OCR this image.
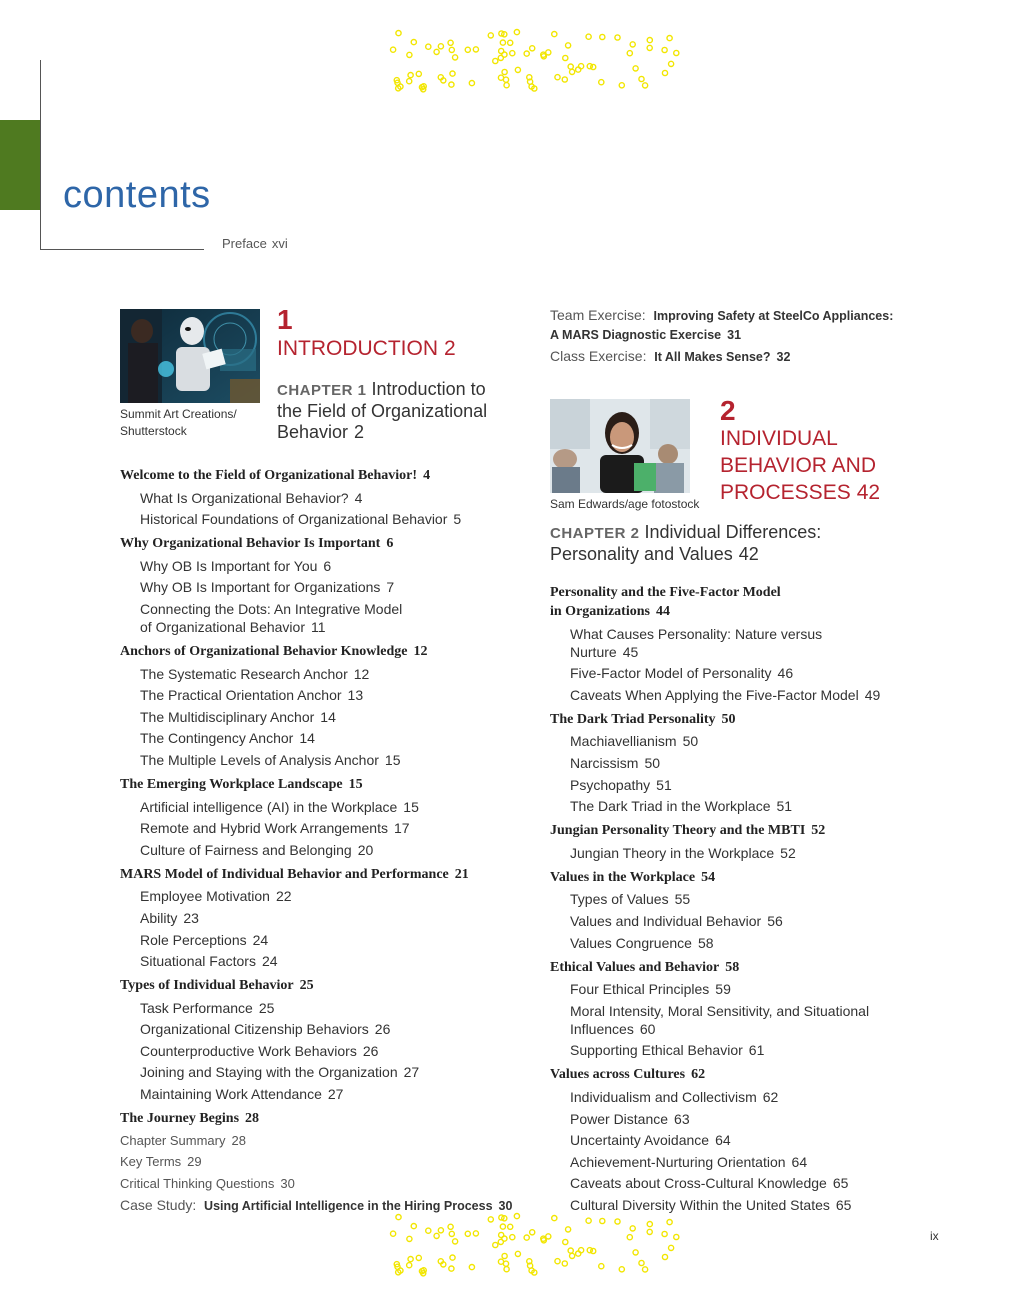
contents
Preface xvi
Summit Art Creations/
Shutterstock
1
INTRODUCTION 2
CHAPTER 1 Introduction to
the Field of Organizational
Behavior 2
Welcome to the Field of Organizational Behavior! 4
What Is Organizational Behavior? 4
Historical Foundations of Organizational Behavior 5
Why Organizational Behavior Is Important 6
Why OB Is Important for You 6
Why OB Is Important for Organizations 7
Connecting the Dots: An Integrative Model
of Organizational Behavior 11
Anchors of Organizational Behavior Knowledge 12
The Systematic Research Anchor 12
The Practical Orientation Anchor 13
The Multidisciplinary Anchor 14
The Contingency Anchor 14
The Multiple Levels of Analysis Anchor 15
The Emerging Workplace Landscape 15
Artificial intelligence (AI) in the Workplace 15
Remote and Hybrid Work Arrangements 17
Culture of Fairness and Belonging 20
MARS Model of Individual Behavior and Performance 21
Employee Motivation 22
Ability 23
Role Perceptions 24
Situational Factors 24
Types of Individual Behavior 25
Task Performance 25
Organizational Citizenship Behaviors 26
Counterproductive Work Behaviors 26
Joining and Staying with the Organization 27
Maintaining Work Attendance 27
The Journey Begins 28
Chapter Summary 28
Key Terms 29
Critical Thinking Questions 30
Case Study: Using Artificial Intelligence in the Hiring Process 30
Team Exercise: Improving Safety at SteelCo Appliances:
A MARS Diagnostic Exercise 31
Class Exercise: It All Makes Sense? 32
Sam Edwards/age fotostock
2
INDIVIDUAL
BEHAVIOR AND
PROCESSES 42
CHAPTER 2 Individual Differences:
Personality and Values 42
Personality and the Five-Factor Model
in Organizations 44
What Causes Personality: Nature versus
Nurture 45
Five-Factor Model of Personality 46
Caveats When Applying the Five-Factor Model 49
The Dark Triad Personality 50
Machiavellianism 50
Narcissism 50
Psychopathy 51
The Dark Triad in the Workplace 51
Jungian Personality Theory and the MBTI 52
Jungian Theory in the Workplace 52
Values in the Workplace 54
Types of Values 55
Values and Individual Behavior 56
Values Congruence 58
Ethical Values and Behavior 58
Four Ethical Principles 59
Moral Intensity, Moral Sensitivity, and Situational
Influences 60
Supporting Ethical Behavior 61
Values across Cultures 62
Individualism and Collectivism 62
Power Distance 63
Uncertainty Avoidance 64
Achievement-Nurturing Orientation 64
Caveats about Cross-Cultural Knowledge 65
Cultural Diversity Within the United States 65
ix
